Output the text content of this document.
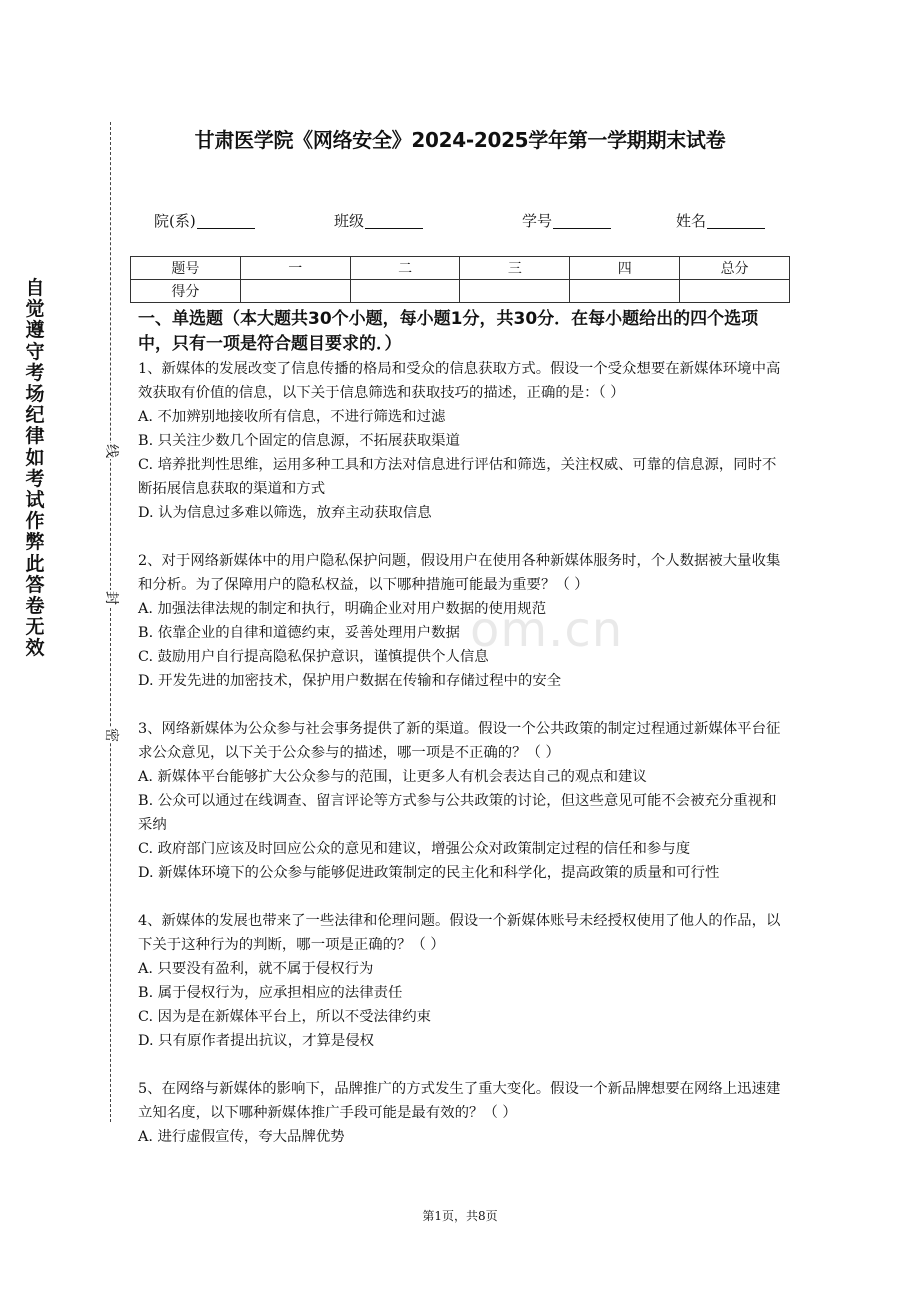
自觉遵守考场纪律如考试作弊此答卷无效
线
封
密
甘肃医学院《网络安全》2024-2025学年第一学期期末试卷
院(系)	班级	学号	姓名
题号	一	二	三	四	总分
得分					
一、单选题（本大题共30个小题，每小题1分，共30分．在每小题给出的四个选项中，只有一项是符合题目要求的．）
1、新媒体的发展改变了信息传播的格局和受众的信息获取方式。假设一个受众想要在新媒体环境中高效获取有价值的信息，以下关于信息筛选和获取技巧的描述，正确的是：（ ）
A. 不加辨别地接收所有信息，不进行筛选和过滤
B. 只关注少数几个固定的信息源，不拓展获取渠道
C. 培养批判性思维，运用多种工具和方法对信息进行评估和筛选，关注权威、可靠的信息源，同时不断拓展信息获取的渠道和方式
D. 认为信息过多难以筛选，放弃主动获取信息
2、对于网络新媒体中的用户隐私保护问题，假设用户在使用各种新媒体服务时，个人数据被大量收集和分析。为了保障用户的隐私权益，以下哪种措施可能最为重要？（ ）
A. 加强法律法规的制定和执行，明确企业对用户数据的使用规范
B. 依靠企业的自律和道德约束，妥善处理用户数据
C. 鼓励用户自行提高隐私保护意识，谨慎提供个人信息
D. 开发先进的加密技术，保护用户数据在传输和存储过程中的安全
3、网络新媒体为公众参与社会事务提供了新的渠道。假设一个公共政策的制定过程通过新媒体平台征求公众意见，以下关于公众参与的描述，哪一项是不正确的？（ ）
A. 新媒体平台能够扩大公众参与的范围，让更多人有机会表达自己的观点和建议
B. 公众可以通过在线调查、留言评论等方式参与公共政策的讨论，但这些意见可能不会被充分重视和采纳
C. 政府部门应该及时回应公众的意见和建议，增强公众对政策制定过程的信任和参与度
D. 新媒体环境下的公众参与能够促进政策制定的民主化和科学化，提高政策的质量和可行性
4、新媒体的发展也带来了一些法律和伦理问题。假设一个新媒体账号未经授权使用了他人的作品，以下关于这种行为的判断，哪一项是正确的？（ ）
A. 只要没有盈利，就不属于侵权行为
B. 属于侵权行为，应承担相应的法律责任
C. 因为是在新媒体平台上，所以不受法律约束
D. 只有原作者提出抗议，才算是侵权
5、在网络与新媒体的影响下，品牌推广的方式发生了重大变化。假设一个新品牌想要在网络上迅速建立知名度，以下哪种新媒体推广手段可能是最有效的？（ ）
A. 进行虚假宣传，夸大品牌优势
om.cn
第1页，共8页
